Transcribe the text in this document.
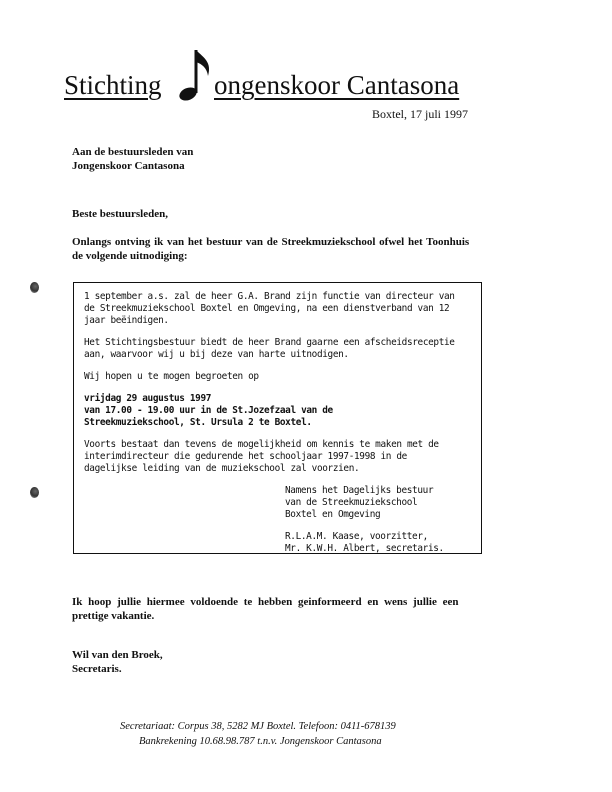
Stichting ongenskoor Cantasona
Boxtel, 17 juli 1997
Aan de bestuursleden van
Jongenskoor Cantasona
Beste bestuursleden,
Onlangs ontving ik van het bestuur van de Streekmuziekschool ofwel het Toonhuis
de volgende uitnodiging:
1 september a.s. zal de heer G.A. Brand zijn functie van directeur van
de Streekmuziekschool Boxtel en Omgeving, na een dienstverband van 12
jaar beëindigen.
Het Stichtingsbestuur biedt de heer Brand gaarne een afscheidsreceptie
aan, waarvoor wij u bij deze van harte uitnodigen.
Wij hopen u te mogen begroeten op
vrijdag 29 augustus 1997
van 17.00 - 19.00 uur in de St.Jozefzaal van de
Streekmuziekschool, St. Ursula 2 te Boxtel.
Voorts bestaat dan tevens de mogelijkheid om kennis te maken met de
interimdirecteur die gedurende het schooljaar 1997-1998 in de
dagelijkse leiding van de muziekschool zal voorzien.
Namens het Dagelijks bestuur
van de Streekmuziekschool
Boxtel en Omgeving
R.L.A.M. Kaase, voorzitter,
Mr. K.W.H. Albert, secretaris.
Ik hoop jullie hiermee voldoende te hebben geinformeerd en wens jullie een
prettige vakantie.
Wil van den Broek,
Secretaris.
Secretariaat: Corpus 38, 5282 MJ Boxtel. Telefoon: 0411-678139
Bankrekening 10.68.98.787 t.n.v. Jongenskoor Cantasona
